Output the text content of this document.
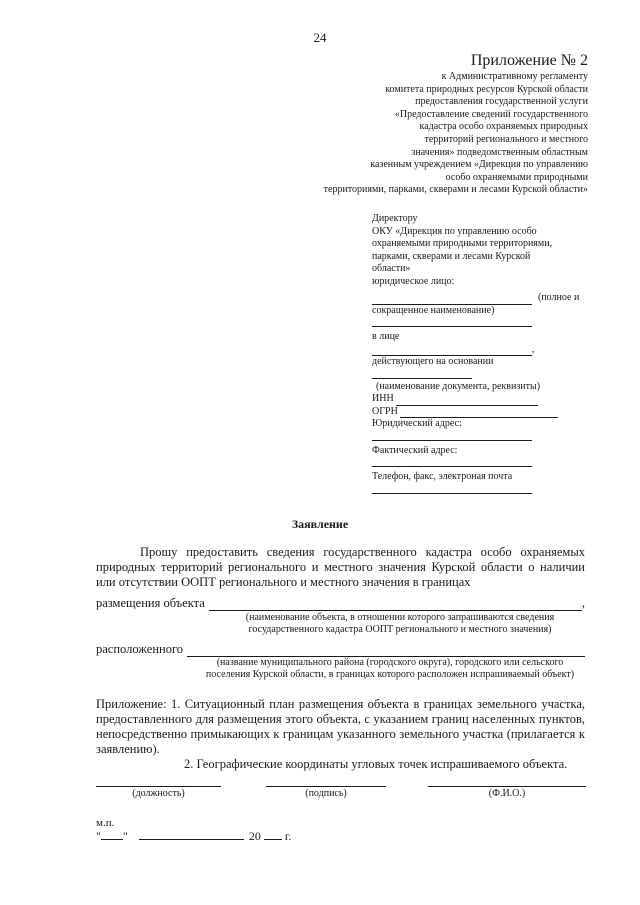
24
Приложение № 2
к Административному регламенту
комитета природных ресурсов Курской области
предоставления государственной услуги
«Предоставление сведений государственного
кадастра особо охраняемых природных
территорий регионального и местного
значения» подведомственным областным
казенным учреждением «Дирекция по управлению
особо охраняемыми природными
территориями, парками, скверами и лесами Курской области»
Директору
ОКУ «Дирекция по управлению особо
охраняемыми природными территориями,
парками, скверами и лесами Курской
области»
юридическое лицо:
(полное и
сокращенное наименование)
в лице
,
действующего на основании
(наименование документа, реквизиты)
ИНН
ОГРН
Юридический адрес:
Фактический адрес:
Телефон, факс, электроная почта
Заявление
Прошу предоставить сведения государственного кадастра особо охраняемых природных территорий регионального и местного значения Курской области о наличии или отсутствии ООПТ регионального и местного значения в границах
размещения объекта	,
(наименование объекта, в отношении которого запрашиваются сведения
государственного кадастра ООПТ регионального и местного значения)
расположенного
(название муниципального района (городского округа), городского или сельского
поселения Курской области, в границах которого расположен испрашиваемый объект)
Приложение: 1. Ситуационный план размещения объекта в границах земельного участка, предоставленного для размещения этого объекта, с указанием границ населенных пунктов, непосредственно примыкающих к границам указанного земельного участка (прилагается к заявлению).
2. Географические координаты угловых точек испрашиваемого объекта.
(должность)	(подпись)	(Ф.И.О.)
м.п.
" "	20 г.
